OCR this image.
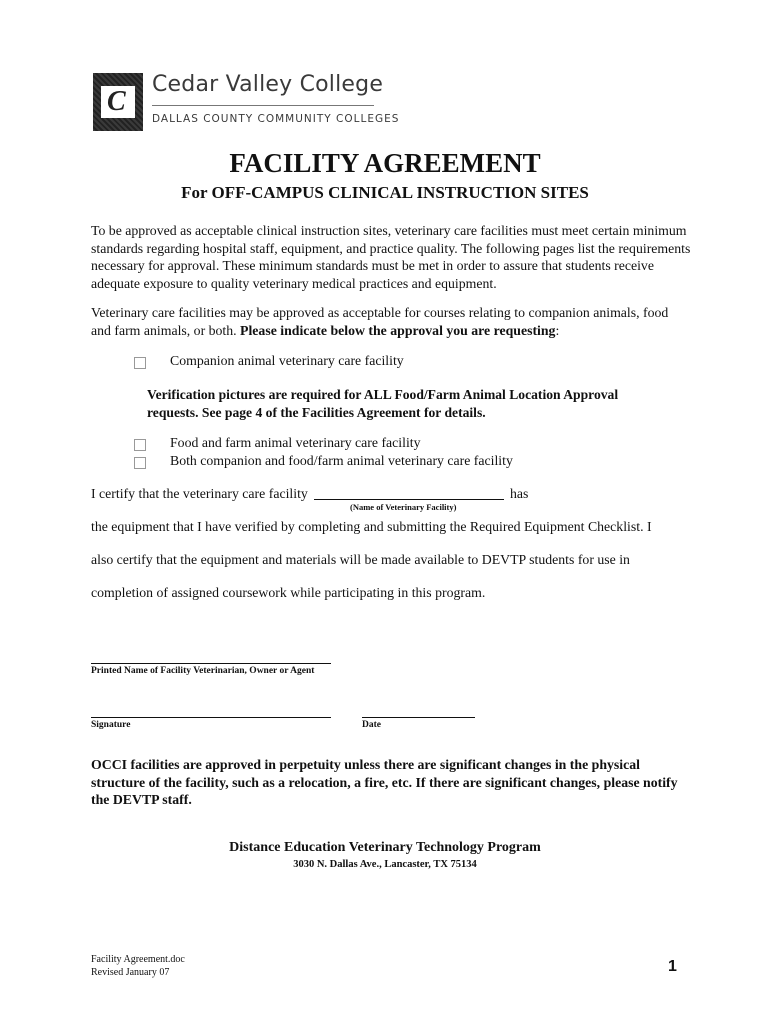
C
Cedar Valley College
DALLAS COUNTY COMMUNITY COLLEGES
FACILITY AGREEMENT
For OFF-CAMPUS CLINICAL INSTRUCTION SITES
To be approved as acceptable clinical instruction sites, veterinary care facilities must meet certain minimum standards regarding hospital staff, equipment, and practice quality. The following pages list the requirements necessary for approval. These minimum standards must be met in order to assure that students receive adequate exposure to quality veterinary medical practices and equipment.
Veterinary care facilities may be approved as acceptable for courses relating to companion animals, food and farm animals, or both. Please indicate below the approval you are requesting:
Companion animal veterinary care facility
Verification pictures are required for ALL Food/Farm Animal Location Approval requests. See page 4 of the Facilities Agreement for details.
Food and farm animal veterinary care facility
Both companion and food/farm animal veterinary care facility
I certify that the veterinary care facility	has
(Name of Veterinary Facility)
the equipment that I have verified by completing and submitting the Required Equipment Checklist. I
also certify that the equipment and materials will be made available to DEVTP students for use in
completion of assigned coursework while participating in this program.
Printed Name of Facility Veterinarian, Owner or Agent
Signature	Date
OCCI facilities are approved in perpetuity unless there are significant changes in the physical structure of the facility, such as a relocation, a fire, etc. If there are significant changes, please notify the DEVTP staff.
Distance Education Veterinary Technology Program
3030 N. Dallas Ave., Lancaster, TX 75134
Facility Agreement.doc
Revised January 07	1
